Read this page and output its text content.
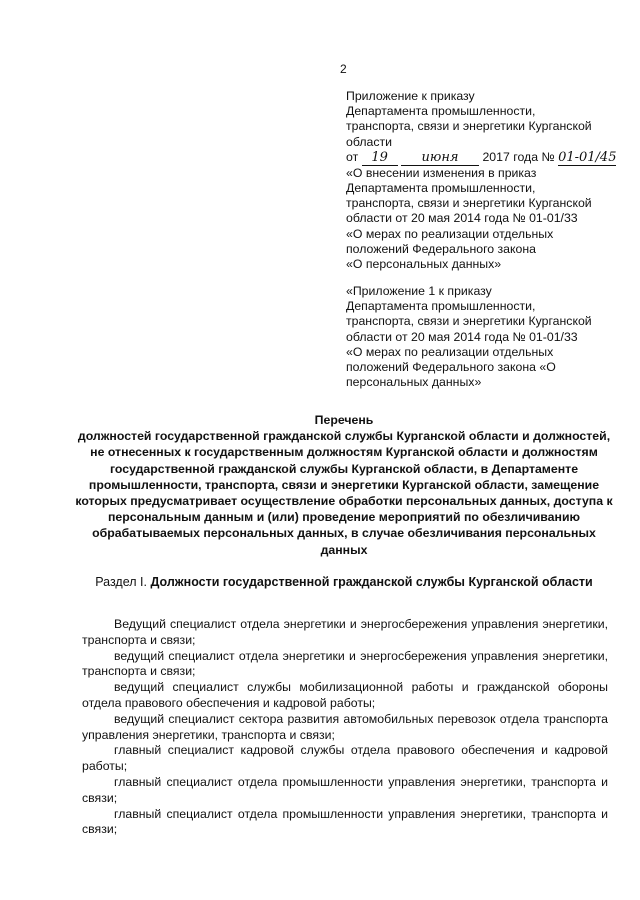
2
Приложение к приказу
Департамента промышленности,
транспорта, связи и энергетики Курганской
области
от 19	июня 2017 года № 01-01/45
«О внесении изменения в приказ
Департамента промышленности,
транспорта, связи и энергетики Курганской
области от 20 мая 2014 года № 01-01/33
«О мерах по реализации отдельных
положений Федерального закона
«О персональных данных»
«Приложение 1 к приказу
Департамента промышленности,
транспорта, связи и энергетики Курганской
области от 20 мая 2014 года № 01-01/33
«О мерах по реализации отдельных
положений Федерального закона «О
персональных данных»
Перечень
должностей государственной гражданской службы Курганской области и должностей, не отнесенных к государственным должностям Курганской области и должностям государственной гражданской службы Курганской области, в Департаменте промышленности, транспорта, связи и энергетики Курганской области, замещение которых предусматривает осуществление обработки персональных данных, доступа к персональным данным и (или) проведение мероприятий по обезличиванию обрабатываемых персональных данных, в случае обезличивания персональных данных
Раздел I. Должности государственной гражданской службы Курганской области

Ведущий специалист отдела энергетики и энергосбережения управления энергетики, транспорта и связи;

ведущий специалист отдела энергетики и энергосбережения управления энергетики, транспорта и связи;

ведущий специалист службы мобилизационной работы и гражданской обороны отдела правового обеспечения и кадровой работы;

ведущий специалист сектора развития автомобильных перевозок отдела транспорта управления энергетики, транспорта и связи;

главный специалист кадровой службы отдела правового обеспечения и кадровой работы;

главный специалист отдела промышленности управления энергетики, транспорта и связи;

главный специалист отдела промышленности управления энергетики, транспорта и связи;
